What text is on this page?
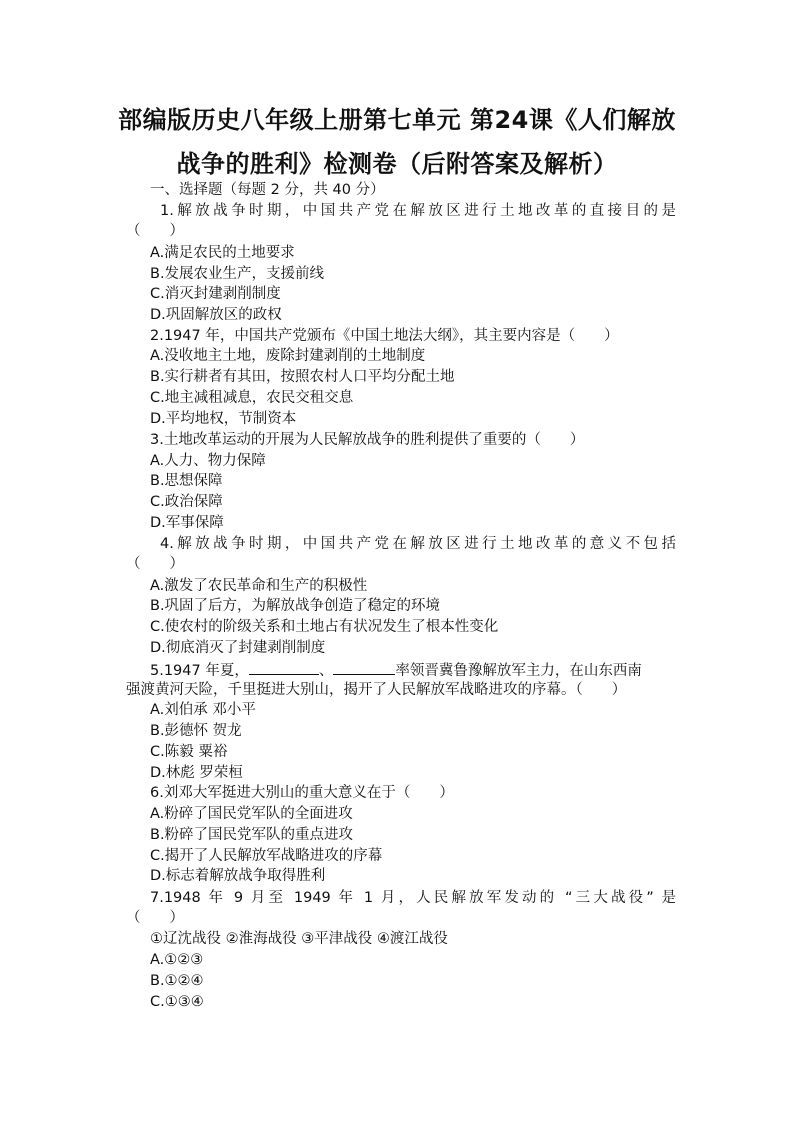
部编版历史八年级上册第七单元 第24课《人们解放
战争的胜利》检测卷（后附答案及解析）
一、选择题（每题 2 分，共 40 分）
1.解放战争时期，中国共产党在解放区进行土地改革的直接目的是
（　　）
A.满足农民的土地要求
B.发展农业生产，支援前线
C.消灭封建剥削制度
D.巩固解放区的政权
2.1947 年，中国共产党颁布《中国土地法大纲》，其主要内容是（　　）
A.没收地主土地，废除封建剥削的土地制度
B.实行耕者有其田，按照农村人口平均分配土地
C.地主减租减息，农民交租交息
D.平均地权，节制资本
3.土地改革运动的开展为人民解放战争的胜利提供了重要的（　　）
A.人力、物力保障
B.思想保障
C.政治保障
D.军事保障
4.解放战争时期，中国共产党在解放区进行土地改革的意义不包括
（　　）
A.激发了农民革命和生产的积极性
B.巩固了后方，为解放战争创造了稳定的环境
C.使农村的阶级关系和土地占有状况发生了根本性变化
D.彻底消灭了封建剥削制度
5.1947 年夏，	、	率领晋冀鲁豫解放军主力，在山东西南
强渡黄河天险，千里挺进大别山，揭开了人民解放军战略进攻的序幕。（　　）
A.刘伯承 邓小平
B.彭德怀 贺龙
C.陈毅 粟裕
D.林彪 罗荣桓
6.刘邓大军挺进大别山的重大意义在于（　　）
A.粉碎了国民党军队的全面进攻
B.粉碎了国民党军队的重点进攻
C.揭开了人民解放军战略进攻的序幕
D.标志着解放战争取得胜利
7.1948 年 9 月至 1949 年 1 月，人民解放军发动的 “三大战役” 是
（　　）
①辽沈战役 ②淮海战役 ③平津战役 ④渡江战役
A.①②③
B.①②④
C.①③④
